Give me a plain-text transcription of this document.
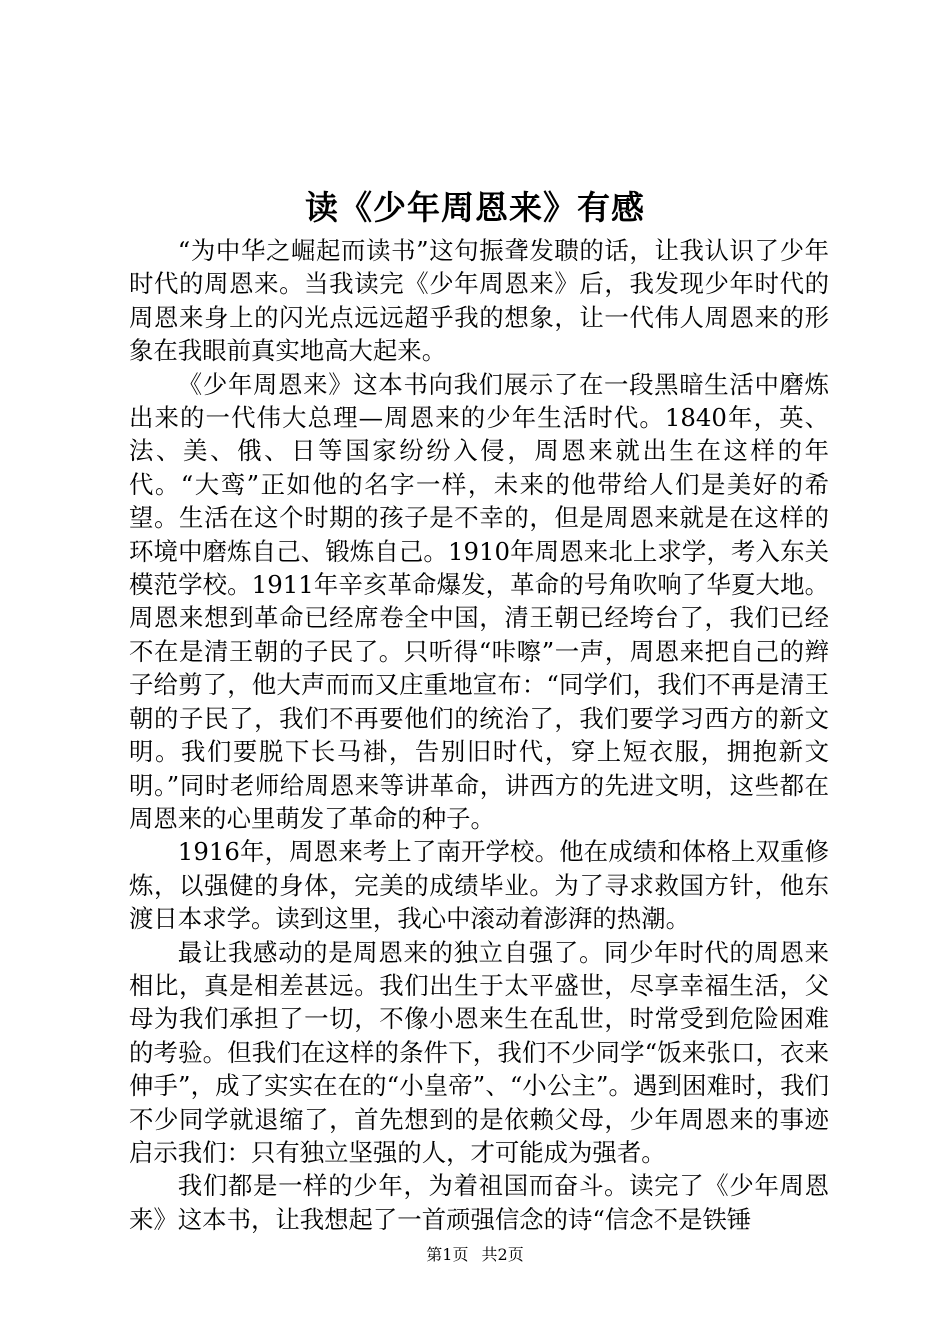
读《少年周恩来》有感

“为中华之崛起而读书”这句振聋发聩的话，让我认识了少年时代的周恩来。当我读完《少年周恩来》后，我发现少年时代的周恩来身上的闪光点远远超乎我的想象，让一代伟人周恩来的形象在我眼前真实地高大起来。

《少年周恩来》这本书向我们展示了在一段黑暗生活中磨炼出来的一代伟大总理—周恩来的少年生活时代。1840年，英、法、美、俄、日等国家纷纷入侵，周恩来就出生在这样的年代。“大鸾”正如他的名字一样，未来的他带给人们是美好的希望。生活在这个时期的孩子是不幸的，但是周恩来就是在这样的环境中磨炼自己、锻炼自己。1910年周恩来北上求学，考入东关模范学校。1911年辛亥革命爆发，革命的号角吹响了华夏大地。周恩来想到革命已经席卷全中国，清王朝已经垮台了，我们已经不在是清王朝的子民了。只听得“咔嚓”一声，周恩来把自己的辫子给剪了，他大声而而又庄重地宣布：“同学们，我们不再是清王朝的子民了，我们不再要他们的统治了，我们要学习西方的新文明。我们要脱下长马褂，告别旧时代，穿上短衣服，拥抱新文明。”同时老师给周恩来等讲革命，讲西方的先进文明，这些都在周恩来的心里萌发了革命的种子。

1916年，周恩来考上了南开学校。他在成绩和体格上双重修炼，以强健的身体，完美的成绩毕业。为了寻求救国方针，他东渡日本求学。读到这里，我心中滚动着澎湃的热潮。

最让我感动的是周恩来的独立自强了。同少年时代的周恩来相比，真是相差甚远。我们出生于太平盛世，尽享幸福生活，父母为我们承担了一切，不像小恩来生在乱世，时常受到危险困难的考验。但我们在这样的条件下，我们不少同学“饭来张口，衣来伸手”，成了实实在在的“小皇帝”、“小公主”。遇到困难时，我们不少同学就退缩了，首先想到的是依赖父母，少年周恩来的事迹启示我们：只有独立坚强的人，才可能成为强者。

我们都是一样的少年，为着祖国而奋斗。读完了《少年周恩来》这本书，让我想起了一首顽强信念的诗“信念不是铁锤

第1页 共2页
